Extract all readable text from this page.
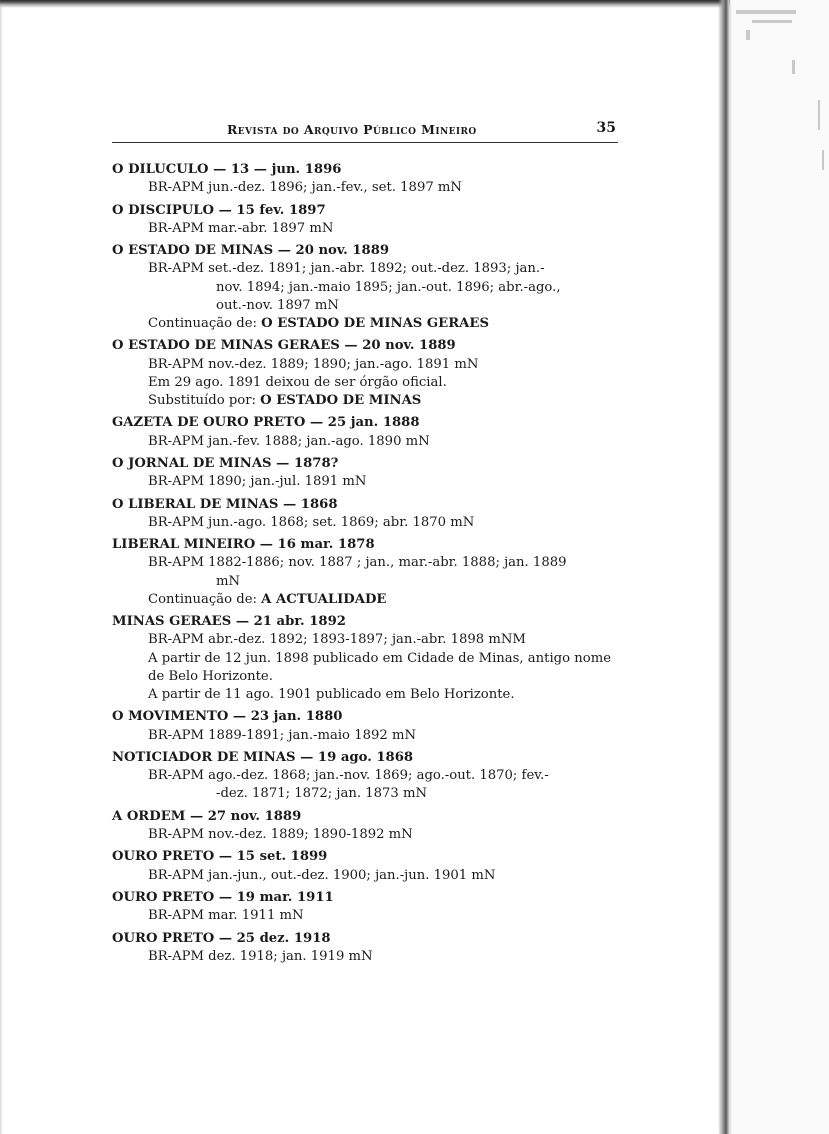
Revista do Arquivo Público Mineiro	35
O DILUCULO — 13 — jun. 1896
BR-APM jun.-dez. 1896; jan.-fev., set. 1897 mN
O DISCIPULO — 15 fev. 1897
BR-APM mar.-abr. 1897 mN
O ESTADO DE MINAS — 20 nov. 1889
BR-APM set.-dez. 1891; jan.-abr. 1892; out.-dez. 1893; jan.-
nov. 1894; jan.-maio 1895; jan.-out. 1896; abr.-ago.,
out.-nov. 1897 mN
Continuação de: O ESTADO DE MINAS GERAES
O ESTADO DE MINAS GERAES — 20 nov. 1889
BR-APM nov.-dez. 1889; 1890; jan.-ago. 1891 mN
Em 29 ago. 1891 deixou de ser órgão oficial.
Substituído por: O ESTADO DE MINAS
GAZETA DE OURO PRETO — 25 jan. 1888
BR-APM jan.-fev. 1888; jan.-ago. 1890 mN
O JORNAL DE MINAS — 1878?
BR-APM 1890; jan.-jul. 1891 mN
O LIBERAL DE MINAS — 1868
BR-APM jun.-ago. 1868; set. 1869; abr. 1870 mN
LIBERAL MINEIRO — 16 mar. 1878
BR-APM 1882-1886; nov. 1887 ; jan., mar.-abr. 1888; jan. 1889
mN
Continuação de: A ACTUALIDADE
MINAS GERAES — 21 abr. 1892
BR-APM abr.-dez. 1892; 1893-1897; jan.-abr. 1898 mNM
A partir de 12 jun. 1898 publicado em Cidade de Minas, antigo nome de Belo Horizonte.
A partir de 11 ago. 1901 publicado em Belo Horizonte.
O MOVIMENTO — 23 jan. 1880
BR-APM 1889-1891; jan.-maio 1892 mN
NOTICIADOR DE MINAS — 19 ago. 1868
BR-APM ago.-dez. 1868; jan.-nov. 1869; ago.-out. 1870; fev.-
-dez. 1871; 1872; jan. 1873 mN
A ORDEM — 27 nov. 1889
BR-APM nov.-dez. 1889; 1890-1892 mN
OURO PRETO — 15 set. 1899
BR-APM jan.-jun., out.-dez. 1900; jan.-jun. 1901 mN
OURO PRETO — 19 mar. 1911
BR-APM mar. 1911 mN
OURO PRETO — 25 dez. 1918
BR-APM dez. 1918; jan. 1919 mN
